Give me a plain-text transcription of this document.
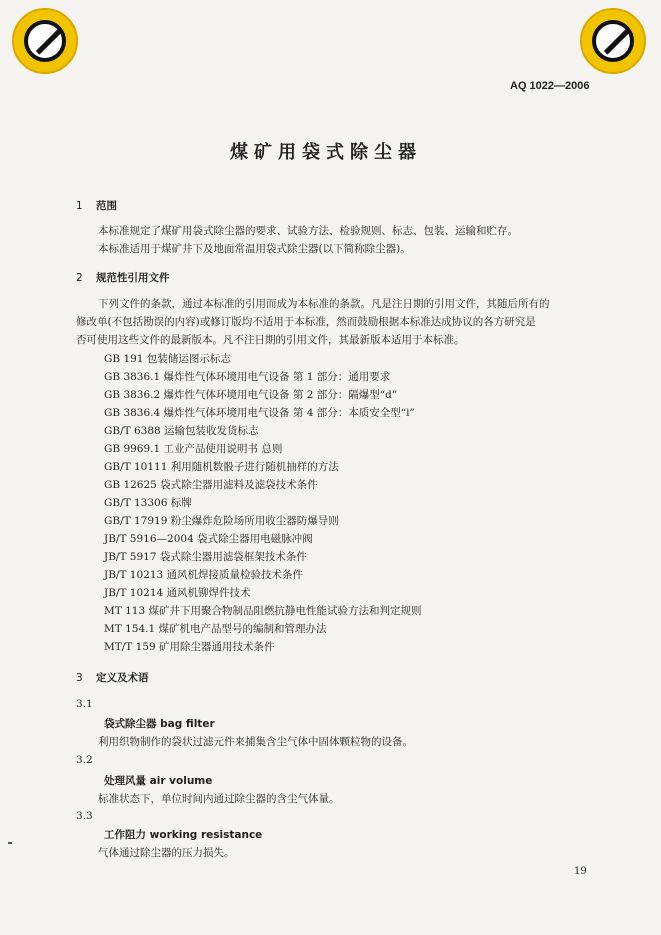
AQ 1022—2006
煤矿用袋式除尘器
1 范围
本标准规定了煤矿用袋式除尘器的要求、试验方法、检验规则、标志、包装、运输和贮存。
本标准适用于煤矿井下及地面常温用袋式除尘器(以下简称除尘器)。
2 规范性引用文件
下列文件的条款，通过本标准的引用而成为本标准的条款。凡是注日期的引用文件，其随后所有的
修改单(不包括勘误的内容)或修订版均不适用于本标准，然而鼓励根据本标准达成协议的各方研究是
否可使用这些文件的最新版本。凡不注日期的引用文件，其最新版本适用于本标准。
GB 191 包装储运图示标志
GB 3836.1 爆炸性气体环境用电气设备 第 1 部分：通用要求
GB 3836.2 爆炸性气体环境用电气设备 第 2 部分：隔爆型“d”
GB 3836.4 爆炸性气体环境用电气设备 第 4 部分：本质安全型“i”
GB/T 6388 运输包装收发货标志
GB 9969.1 工业产品使用说明书 总则
GB/T 10111 利用随机数骰子进行随机抽样的方法
GB 12625 袋式除尘器用滤料及滤袋技术条件
GB/T 13306 标牌
GB/T 17919 粉尘爆炸危险场所用收尘器防爆导则
JB/T 5916—2004 袋式除尘器用电磁脉冲阀
JB/T 5917 袋式除尘器用滤袋框架技术条件
JB/T 10213 通风机焊接质量检验技术条件
JB/T 10214 通风机铆焊件技术
MT 113 煤矿井下用聚合物制品阻燃抗静电性能试验方法和判定规则
MT 154.1 煤矿机电产品型号的编制和管理办法
MT/T 159 矿用除尘器通用技术条件
3 定义及术语
3.1
袋式除尘器 bag filter
利用织物制作的袋状过滤元件来捕集含尘气体中固体颗粒物的设备。
3.2
处理风量 air volume
标准状态下，单位时间内通过除尘器的含尘气体量。
3.3
工作阻力 working resistance
气体通过除尘器的压力损失。
19
